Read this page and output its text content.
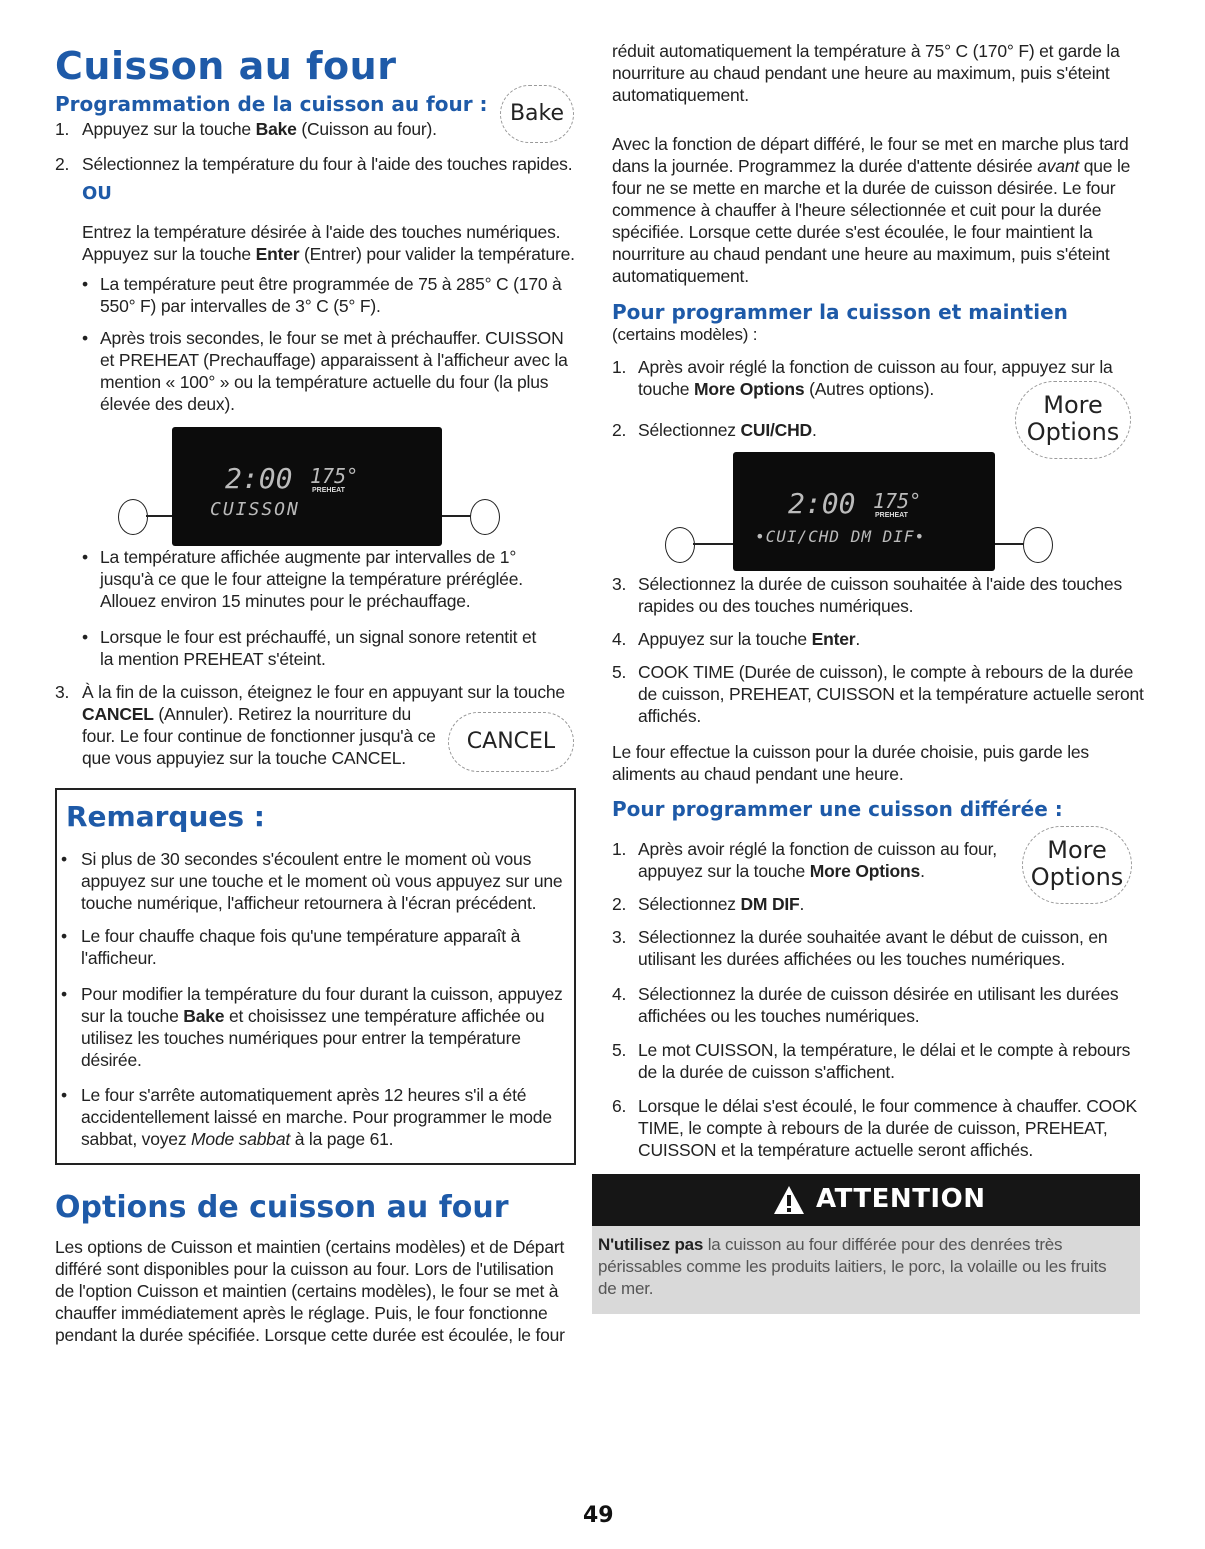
Cuisson au four
Programmation de la cuisson au four :	Bake
1. Appuyez sur la touche Bake (Cuisson au four).
2. Sélectionnez la température du four à l'aide des touches rapides.
OU
Entrez la température désirée à l'aide des touches numériques.
Appuyez sur la touche Enter (Entrer) pour valider la température.
• La température peut être programmée de 75 à 285° C (170 à
550° F) par intervalles de 3° C (5° F).
• Après trois secondes, le four se met à préchauffer. CUISSON
et PREHEAT (Prechauffage) apparaissent à l'afficheur avec la
mention « 100° » ou la température actuelle du four (la plus
élevée des deux).
2:00 175°
PREHEAT
CUISSON
• La température affichée augmente par intervalles de 1°
jusqu'à ce que le four atteigne la température préréglée.
Allouez environ 15 minutes pour le préchauffage.
• Lorsque le four est préchauffé, un signal sonore retentit et
la mention PREHEAT s'éteint.
3. À la fin de la cuisson, éteignez le four en appuyant sur la touche
CANCEL (Annuler). Retirez la nourriture du
four. Le four continue de fonctionner jusqu'à ce
que vous appuyiez sur la touche CANCEL.
CANCEL
Remarques :
• Si plus de 30 secondes s'écoulent entre le moment où vous
appuyez sur une touche et le moment où vous appuyez sur une
touche numérique, l'afficheur retournera à l'écran précédent.
• Le four chauffe chaque fois qu'une température apparaît à
l'afficheur.
• Pour modifier la température du four durant la cuisson, appuyez
sur la touche Bake et choisissez une température affichée ou
utilisez les touches numériques pour entrer la température
désirée.
• Le four s'arrête automatiquement après 12 heures s'il a été
accidentellement laissé en marche. Pour programmer le mode
sabbat, voyez Mode sabbat à la page 61.
Options de cuisson au four
Les options de Cuisson et maintien (certains modèles) et de Départ
différé sont disponibles pour la cuisson au four. Lors de l'utilisation
de l'option Cuisson et maintien (certains modèles), le four se met à
chauffer immédiatement après le réglage. Puis, le four fonctionne
pendant la durée spécifiée. Lorsque cette durée est écoulée, le four
réduit automatiquement la température à 75° C (170° F) et garde la
nourriture au chaud pendant une heure au maximum, puis s'éteint
automatiquement.
Avec la fonction de départ différé, le four se met en marche plus tard
dans la journée. Programmez la durée d'attente désirée avant que le
four ne se mette en marche et la durée de cuisson désirée. Le four
commence à chauffer à l'heure sélectionnée et cuit pour la durée
spécifiée. Lorsque cette durée s'est écoulée, le four maintient la
nourriture au chaud pendant une heure au maximum, puis s'éteint
automatiquement.
Pour programmer la cuisson et maintien
(certains modèles) :
1. Après avoir réglé la fonction de cuisson au four, appuyez sur la
touche More Options (Autres options).
2. Sélectionnez CUI/CHD.
More
Options
2:00 175°
PREHEAT
•CUI/CHD DM DIF•
3. Sélectionnez la durée de cuisson souhaitée à l'aide des touches
rapides ou des touches numériques.
4. Appuyez sur la touche Enter.
5. COOK TIME (Durée de cuisson), le compte à rebours de la durée
de cuisson, PREHEAT, CUISSON et la température actuelle seront
affichés.
Le four effectue la cuisson pour la durée choisie, puis garde les
aliments au chaud pendant une heure.
Pour programmer une cuisson différée :
1. Après avoir réglé la fonction de cuisson au four,
appuyez sur la touche More Options.
More
Options
2. Sélectionnez DM DIF.
3. Sélectionnez la durée souhaitée avant le début de cuisson, en
utilisant les durées affichées ou les touches numériques.
4. Sélectionnez la durée de cuisson désirée en utilisant les durées
affichées ou les touches numériques.
5. Le mot CUISSON, la température, le délai et le compte à rebours
de la durée de cuisson s'affichent.
6. Lorsque le délai s'est écoulé, le four commence à chauffer. COOK
TIME, le compte à rebours de la durée de cuisson, PREHEAT,
CUISSON et la température actuelle seront affichés.
ATTENTION
N'utilisez pas la cuisson au four différée pour des denrées très
périssables comme les produits laitiers, le porc, la volaille ou les fruits
de mer.
49
